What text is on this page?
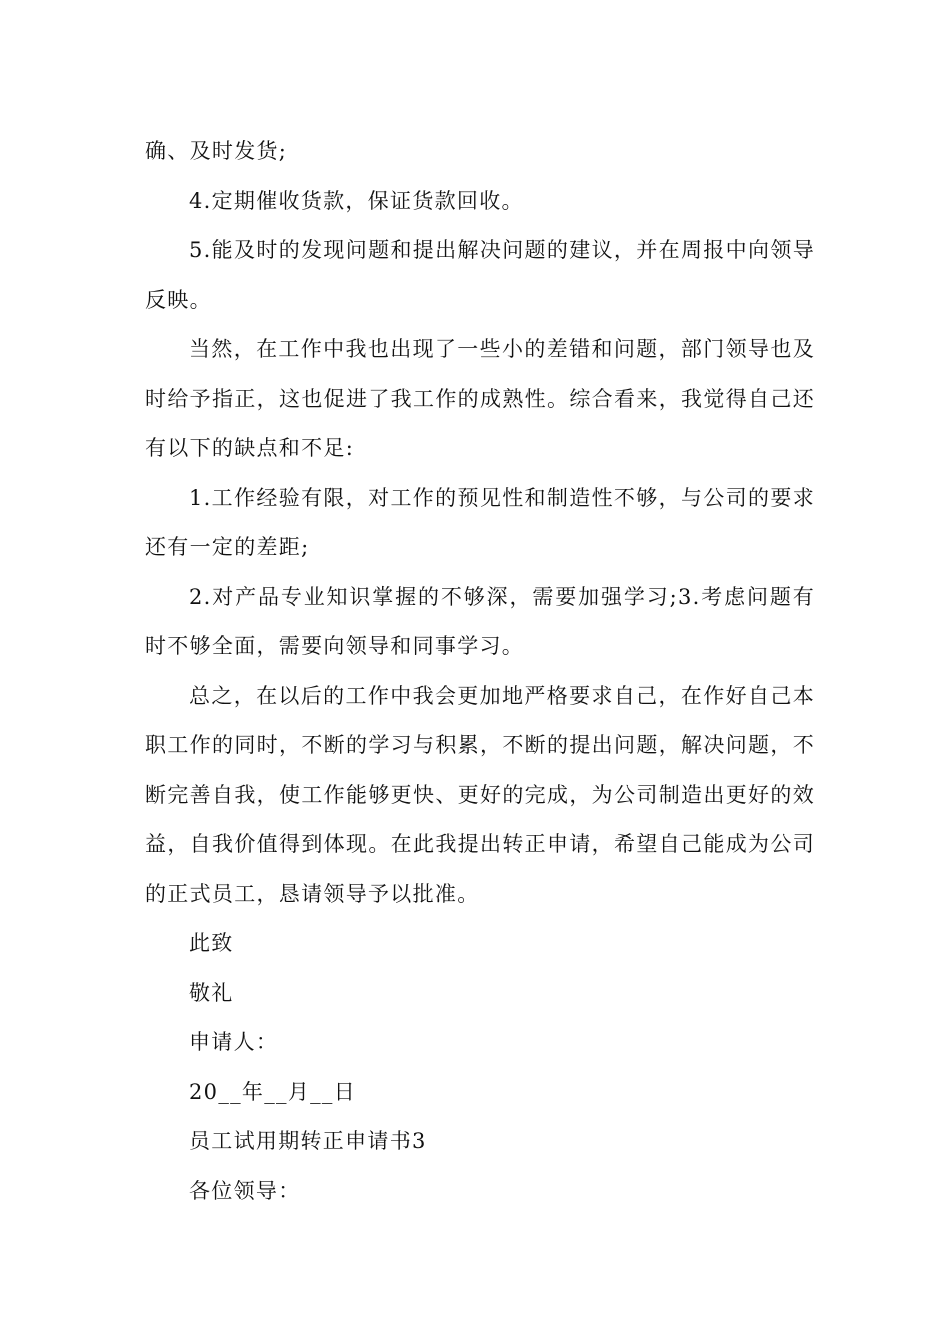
确、及时发货;

4.定期催收货款，保证货款回收。

5.能及时的发现问题和提出解决问题的建议，并在周报中向领导反映。

当然，在工作中我也出现了一些小的差错和问题，部门领导也及时给予指正，这也促进了我工作的成熟性。综合看来，我觉得自己还有以下的缺点和不足:

1.工作经验有限，对工作的预见性和制造性不够，与公司的要求还有一定的差距;

2.对产品专业知识掌握的不够深，需要加强学习;3.考虑问题有时不够全面，需要向领导和同事学习。

总之，在以后的工作中我会更加地严格要求自己，在作好自己本职工作的同时，不断的学习与积累，不断的提出问题，解决问题，不断完善自我，使工作能够更快、更好的完成，为公司制造出更好的效益，自我价值得到体现。在此我提出转正申请，希望自己能成为公司的正式员工，恳请领导予以批准。

此致

敬礼

申请人：

20__年__月__日

员工试用期转正申请书3

各位领导：
